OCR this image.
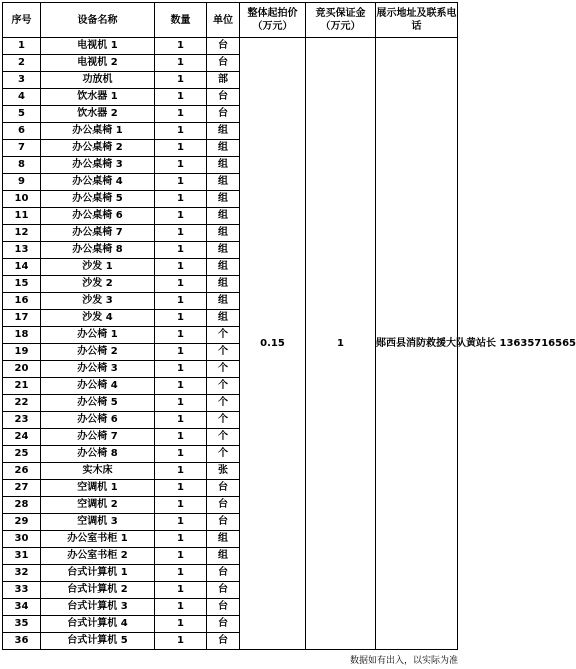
序号	设备名称	数量	单位	整体起拍价（万元）	竞买保证金（万元）	展示地址及联系电话
1	电视机 1	1	台	0.15	1	郧西县消防救援大队黄站长 13635716565
2	电视机 2	1	台			
3	功放机	1	部			
4	饮水器 1	1	台			
5	饮水器 2	1	台			
6	办公桌椅 1	1	组			
7	办公桌椅 2	1	组			
8	办公桌椅 3	1	组			
9	办公桌椅 4	1	组			
10	办公桌椅 5	1	组			
11	办公桌椅 6	1	组			
12	办公桌椅 7	1	组			
13	办公桌椅 8	1	组			
14	沙发 1	1	组			
15	沙发 2	1	组			
16	沙发 3	1	组			
17	沙发 4	1	组			
18	办公椅 1	1	个			
19	办公椅 2	1	个			
20	办公椅 3	1	个			
21	办公椅 4	1	个			
22	办公椅 5	1	个			
23	办公椅 6	1	个			
24	办公椅 7	1	个			
25	办公椅 8	1	个			
26	实木床	1	张			
27	空调机 1	1	台			
28	空调机 2	1	台			
29	空调机 3	1	台			
30	办公室书柜 1	1	组			
31	办公室书柜 2	1	组			
32	台式计算机 1	1	台			
33	台式计算机 2	1	台			
34	台式计算机 3	1	台			
35	台式计算机 4	1	台			
36	台式计算机 5	1	台			
数据如有出入，以实际为准
